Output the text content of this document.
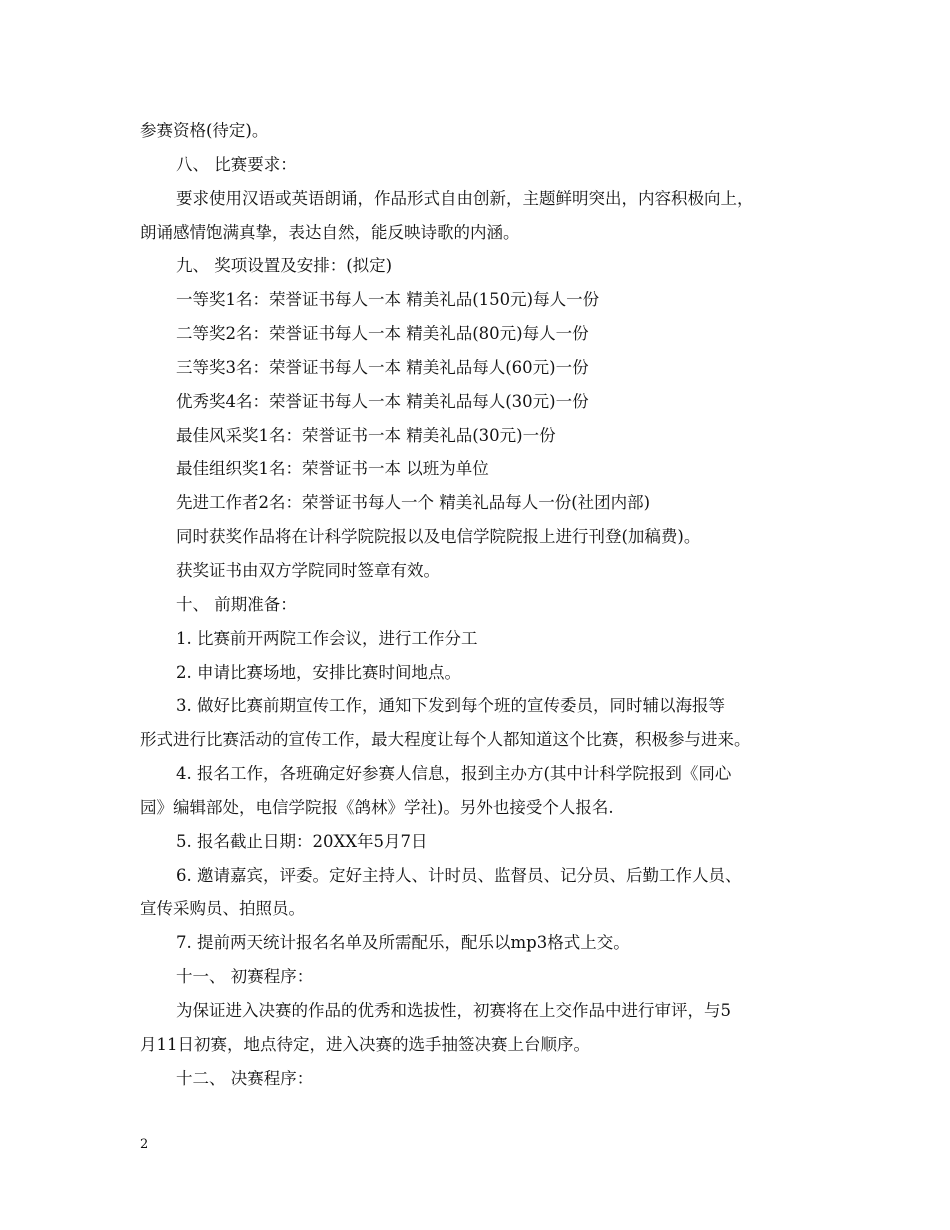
参赛资格(待定)。
八、 比赛要求：
要求使用汉语或英语朗诵，作品形式自由创新，主题鲜明突出，内容积极向上，
朗诵感情饱满真挚，表达自然，能反映诗歌的内涵。
九、 奖项设置及安排：(拟定)
一等奖1名：荣誉证书每人一本 精美礼品(150元)每人一份
二等奖2名：荣誉证书每人一本 精美礼品(80元)每人一份
三等奖3名：荣誉证书每人一本 精美礼品每人(60元)一份
优秀奖4名：荣誉证书每人一本 精美礼品每人(30元)一份
最佳风采奖1名：荣誉证书一本 精美礼品(30元)一份
最佳组织奖1名：荣誉证书一本 以班为单位
先进工作者2名：荣誉证书每人一个 精美礼品每人一份(社团内部)
同时获奖作品将在计科学院院报以及电信学院院报上进行刊登(加稿费)。
获奖证书由双方学院同时签章有效。
十、 前期准备：
1. 比赛前开两院工作会议，进行工作分工
2. 申请比赛场地，安排比赛时间地点。
3. 做好比赛前期宣传工作，通知下发到每个班的宣传委员，同时辅以海报等
形式进行比赛活动的宣传工作，最大程度让每个人都知道这个比赛，积极参与进来。
4. 报名工作，各班确定好参赛人信息，报到主办方(其中计科学院报到《同心
园》编辑部处，电信学院报《鸽林》学社)。另外也接受个人报名.
5. 报名截止日期：20XX年5月7日
6. 邀请嘉宾，评委。定好主持人、计时员、监督员、记分员、后勤工作人员、
宣传采购员、拍照员。
7. 提前两天统计报名名单及所需配乐，配乐以mp3格式上交。
十一、 初赛程序：
为保证进入决赛的作品的优秀和选拔性，初赛将在上交作品中进行审评，与5
月11日初赛，地点待定，进入决赛的选手抽签决赛上台顺序。
十二、 决赛程序：
2
